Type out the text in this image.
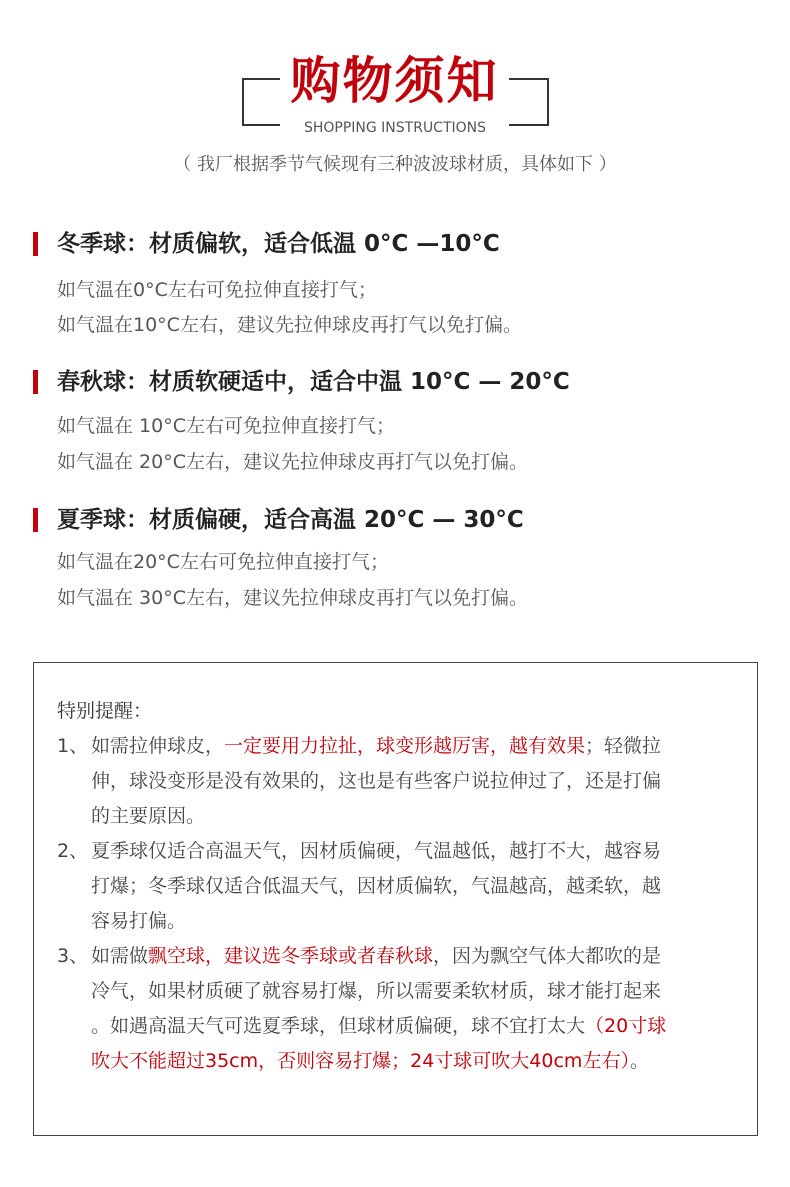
购物须知
SHOPPING INSTRUCTIONS
（ 我厂根据季节气候现有三种波波球材质，具体如下 ）
冬季球：材质偏软，适合低温 0°C —10°C
如气温在0°C左右可免拉伸直接打气；
如气温在10°C左右，建议先拉伸球皮再打气以免打偏。
春秋球：材质软硬适中，适合中温 10°C — 20°C
如气温在 10°C左右可免拉伸直接打气；
如气温在 20°C左右，建议先拉伸球皮再打气以免打偏。
夏季球：材质偏硬，适合高温 20°C — 30°C
如气温在20°C左右可免拉伸直接打气；
如气温在 30°C左右，建议先拉伸球皮再打气以免打偏。
特别提醒：
1、 如需拉伸球皮，一定要用力拉扯，球变形越厉害，越有效果；轻微拉
伸，球没变形是没有效果的，这也是有些客户说拉伸过了，还是打偏
的主要原因。
2、 夏季球仅适合高温天气，因材质偏硬，气温越低，越打不大，越容易
打爆；冬季球仅适合低温天气，因材质偏软，气温越高，越柔软，越
容易打偏。
3、 如需做飘空球，建议选冬季球或者春秋球，因为飘空气体大都吹的是
冷气，如果材质硬了就容易打爆，所以需要柔软材质，球才能打起来
。如遇高温天气可选夏季球，但球材质偏硬，球不宜打太大（20寸球
吹大不能超过35cm，否则容易打爆；24寸球可吹大40cm左右）。
